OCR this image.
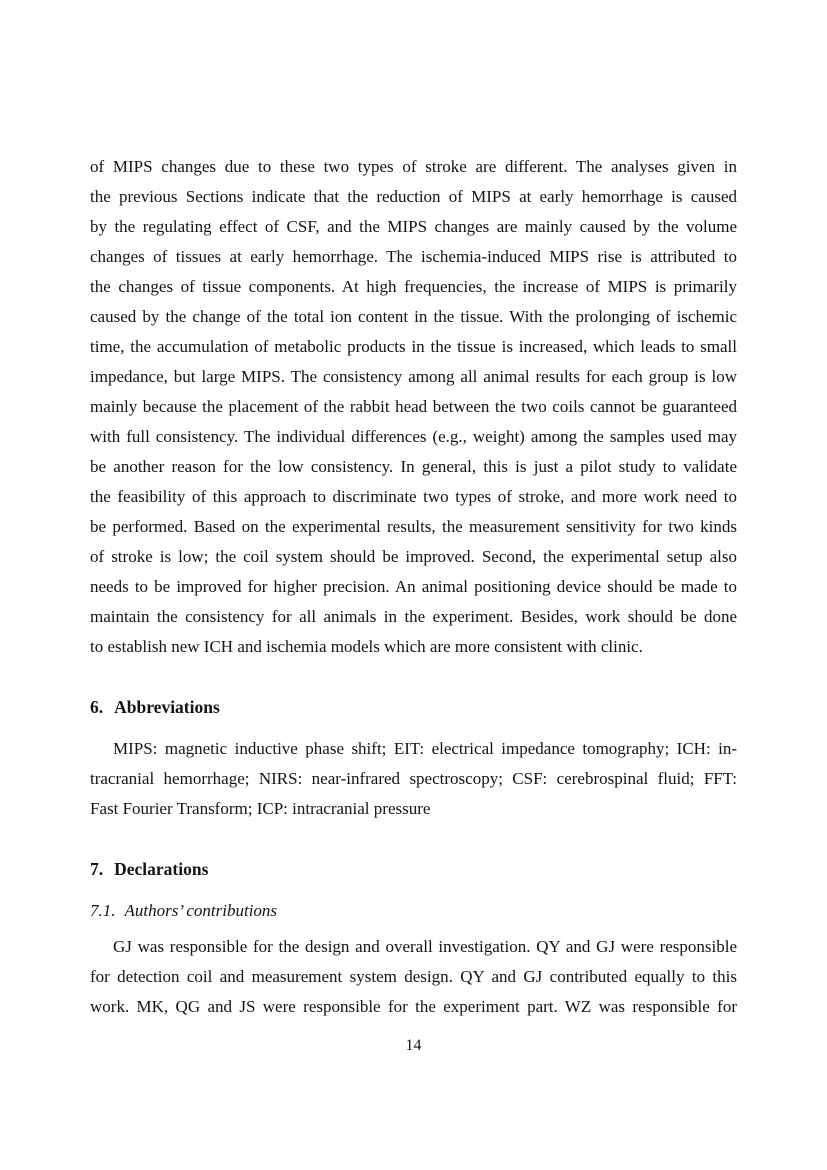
of MIPS changes due to these two types of stroke are different. The analyses given in
the previous Sections indicate that the reduction of MIPS at early hemorrhage is caused
by the regulating effect of CSF, and the MIPS changes are mainly caused by the volume
changes of tissues at early hemorrhage. The ischemia-induced MIPS rise is attributed to
the changes of tissue components. At high frequencies, the increase of MIPS is primarily
caused by the change of the total ion content in the tissue. With the prolonging of ischemic
time, the accumulation of metabolic products in the tissue is increased, which leads to small
impedance, but large MIPS. The consistency among all animal results for each group is low
mainly because the placement of the rabbit head between the two coils cannot be guaranteed
with full consistency. The individual differences (e.g., weight) among the samples used may
be another reason for the low consistency. In general, this is just a pilot study to validate
the feasibility of this approach to discriminate two types of stroke, and more work need to
be performed. Based on the experimental results, the measurement sensitivity for two kinds
of stroke is low; the coil system should be improved. Second, the experimental setup also
needs to be improved for higher precision. An animal positioning device should be made to
maintain the consistency for all animals in the experiment. Besides, work should be done
to establish new ICH and ischemia models which are more consistent with clinic.
6. Abbreviations
MIPS: magnetic inductive phase shift; EIT: electrical impedance tomography; ICH: in-
tracranial hemorrhage; NIRS: near-infrared spectroscopy; CSF: cerebrospinal fluid; FFT:
Fast Fourier Transform; ICP: intracranial pressure
7. Declarations
7.1. Authors’ contributions
GJ was responsible for the design and overall investigation. QY and GJ were responsible
for detection coil and measurement system design. QY and GJ contributed equally to this
work. MK, QG and JS were responsible for the experiment part. WZ was responsible for
14
